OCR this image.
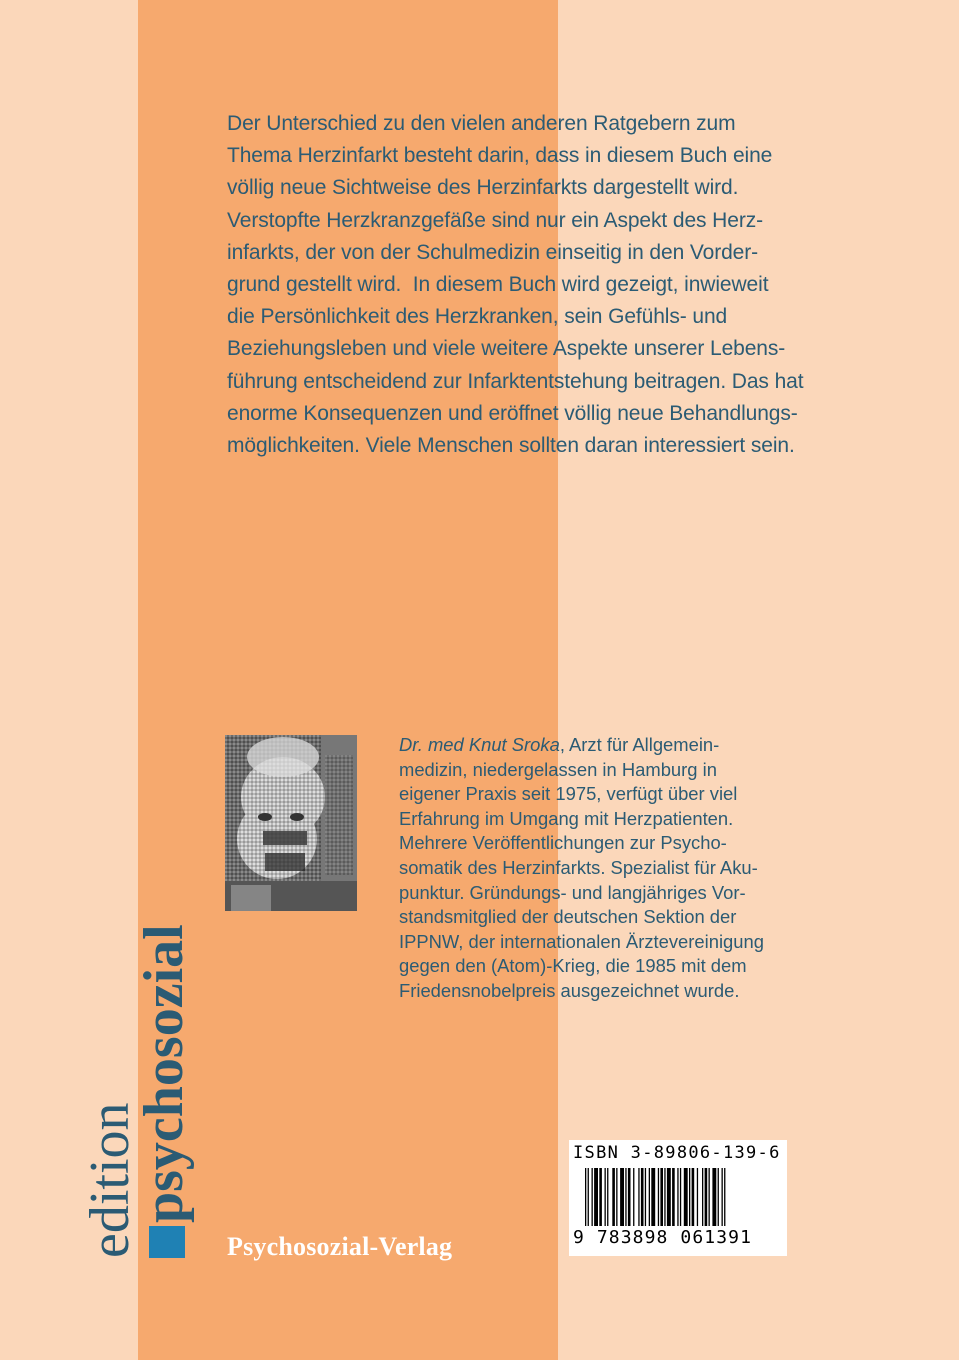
Der Unterschied zu den vielen anderen Ratgebern zum
Thema Herzinfarkt besteht darin, dass in diesem Buch eine
völlig neue Sichtweise des Herzinfarkts dargestellt wird.
Verstopfte Herzkranzgefäße sind nur ein Aspekt des Herz-
infarkts, der von der Schulmedizin einseitig in den Vorder-
grund gestellt wird.  In diesem Buch wird gezeigt, inwieweit
die Persönlichkeit des Herzkranken, sein Gefühls- und
Beziehungsleben und viele weitere Aspekte unserer Lebens-
führung entscheidend zur Infarktentstehung beitragen. Das hat
enorme Konsequenzen und eröffnet völlig neue Behandlungs-
möglichkeiten. Viele Menschen sollten daran interessiert sein.
Dr. med Knut Sroka, Arzt für Allgemein-
medizin, niedergelassen in Hamburg in
eigener Praxis seit 1975, verfügt über viel
Erfahrung im Umgang mit Herzpatienten.
Mehrere Veröffentlichungen zur Psycho-
somatik des Herzinfarkts. Spezialist für Aku-
punktur. Gründungs- und langjähriges Vor-
standsmitglied der deutschen Sektion der
IPPNW, der internationalen Ärztevereinigung
gegen den (Atom)-Krieg, die 1985 mit dem
Friedensnobelpreis ausgezeichnet wurde.
edition
psychosozial
Psychosozial-Verlag
ISBN 3-89806-139-6
9 783898 061391
